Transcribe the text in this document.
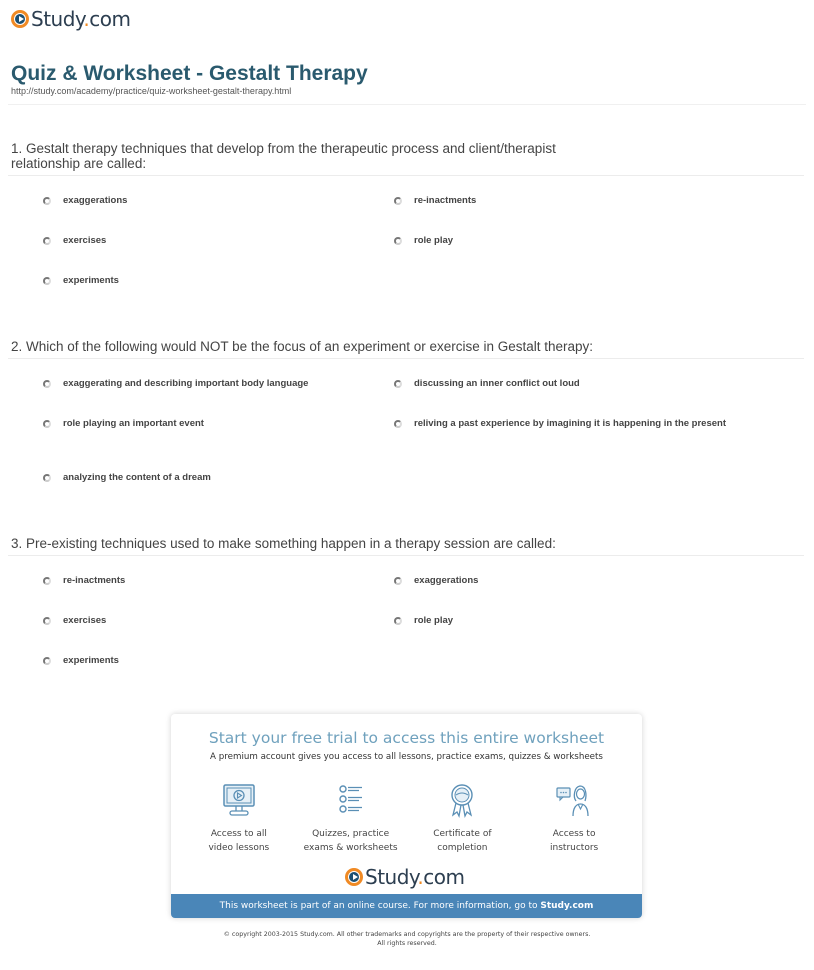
Study.com
Quiz & Worksheet - Gestalt Therapy
http://study.com/academy/practice/quiz-worksheet-gestalt-therapy.html
1. Gestalt therapy techniques that develop from the therapeutic process and client/therapist relationship are called:
exaggerations	re-inactments
exercises	role play
experiments
2. Which of the following would NOT be the focus of an experiment or exercise in Gestalt therapy:
exaggerating and describing important body language	discussing an inner conflict out loud
role playing an important event	reliving a past experience by imagining it is happening in the present
analyzing the content of a dream
3. Pre-existing techniques used to make something happen in a therapy session are called:
re-inactments	exaggerations
exercises	role play
experiments
Start your free trial to access this entire worksheet
A premium account gives you access to all lessons, practice exams, quizzes & worksheets
Access to all
video lessons
Quizzes, practice
exams & worksheets
Certificate of
completion
Access to
instructors
Study.com
This worksheet is part of an online course. For more information, go to Study.com
© copyright 2003-2015 Study.com. All other trademarks and copyrights are the property of their respective owners.
All rights reserved.
